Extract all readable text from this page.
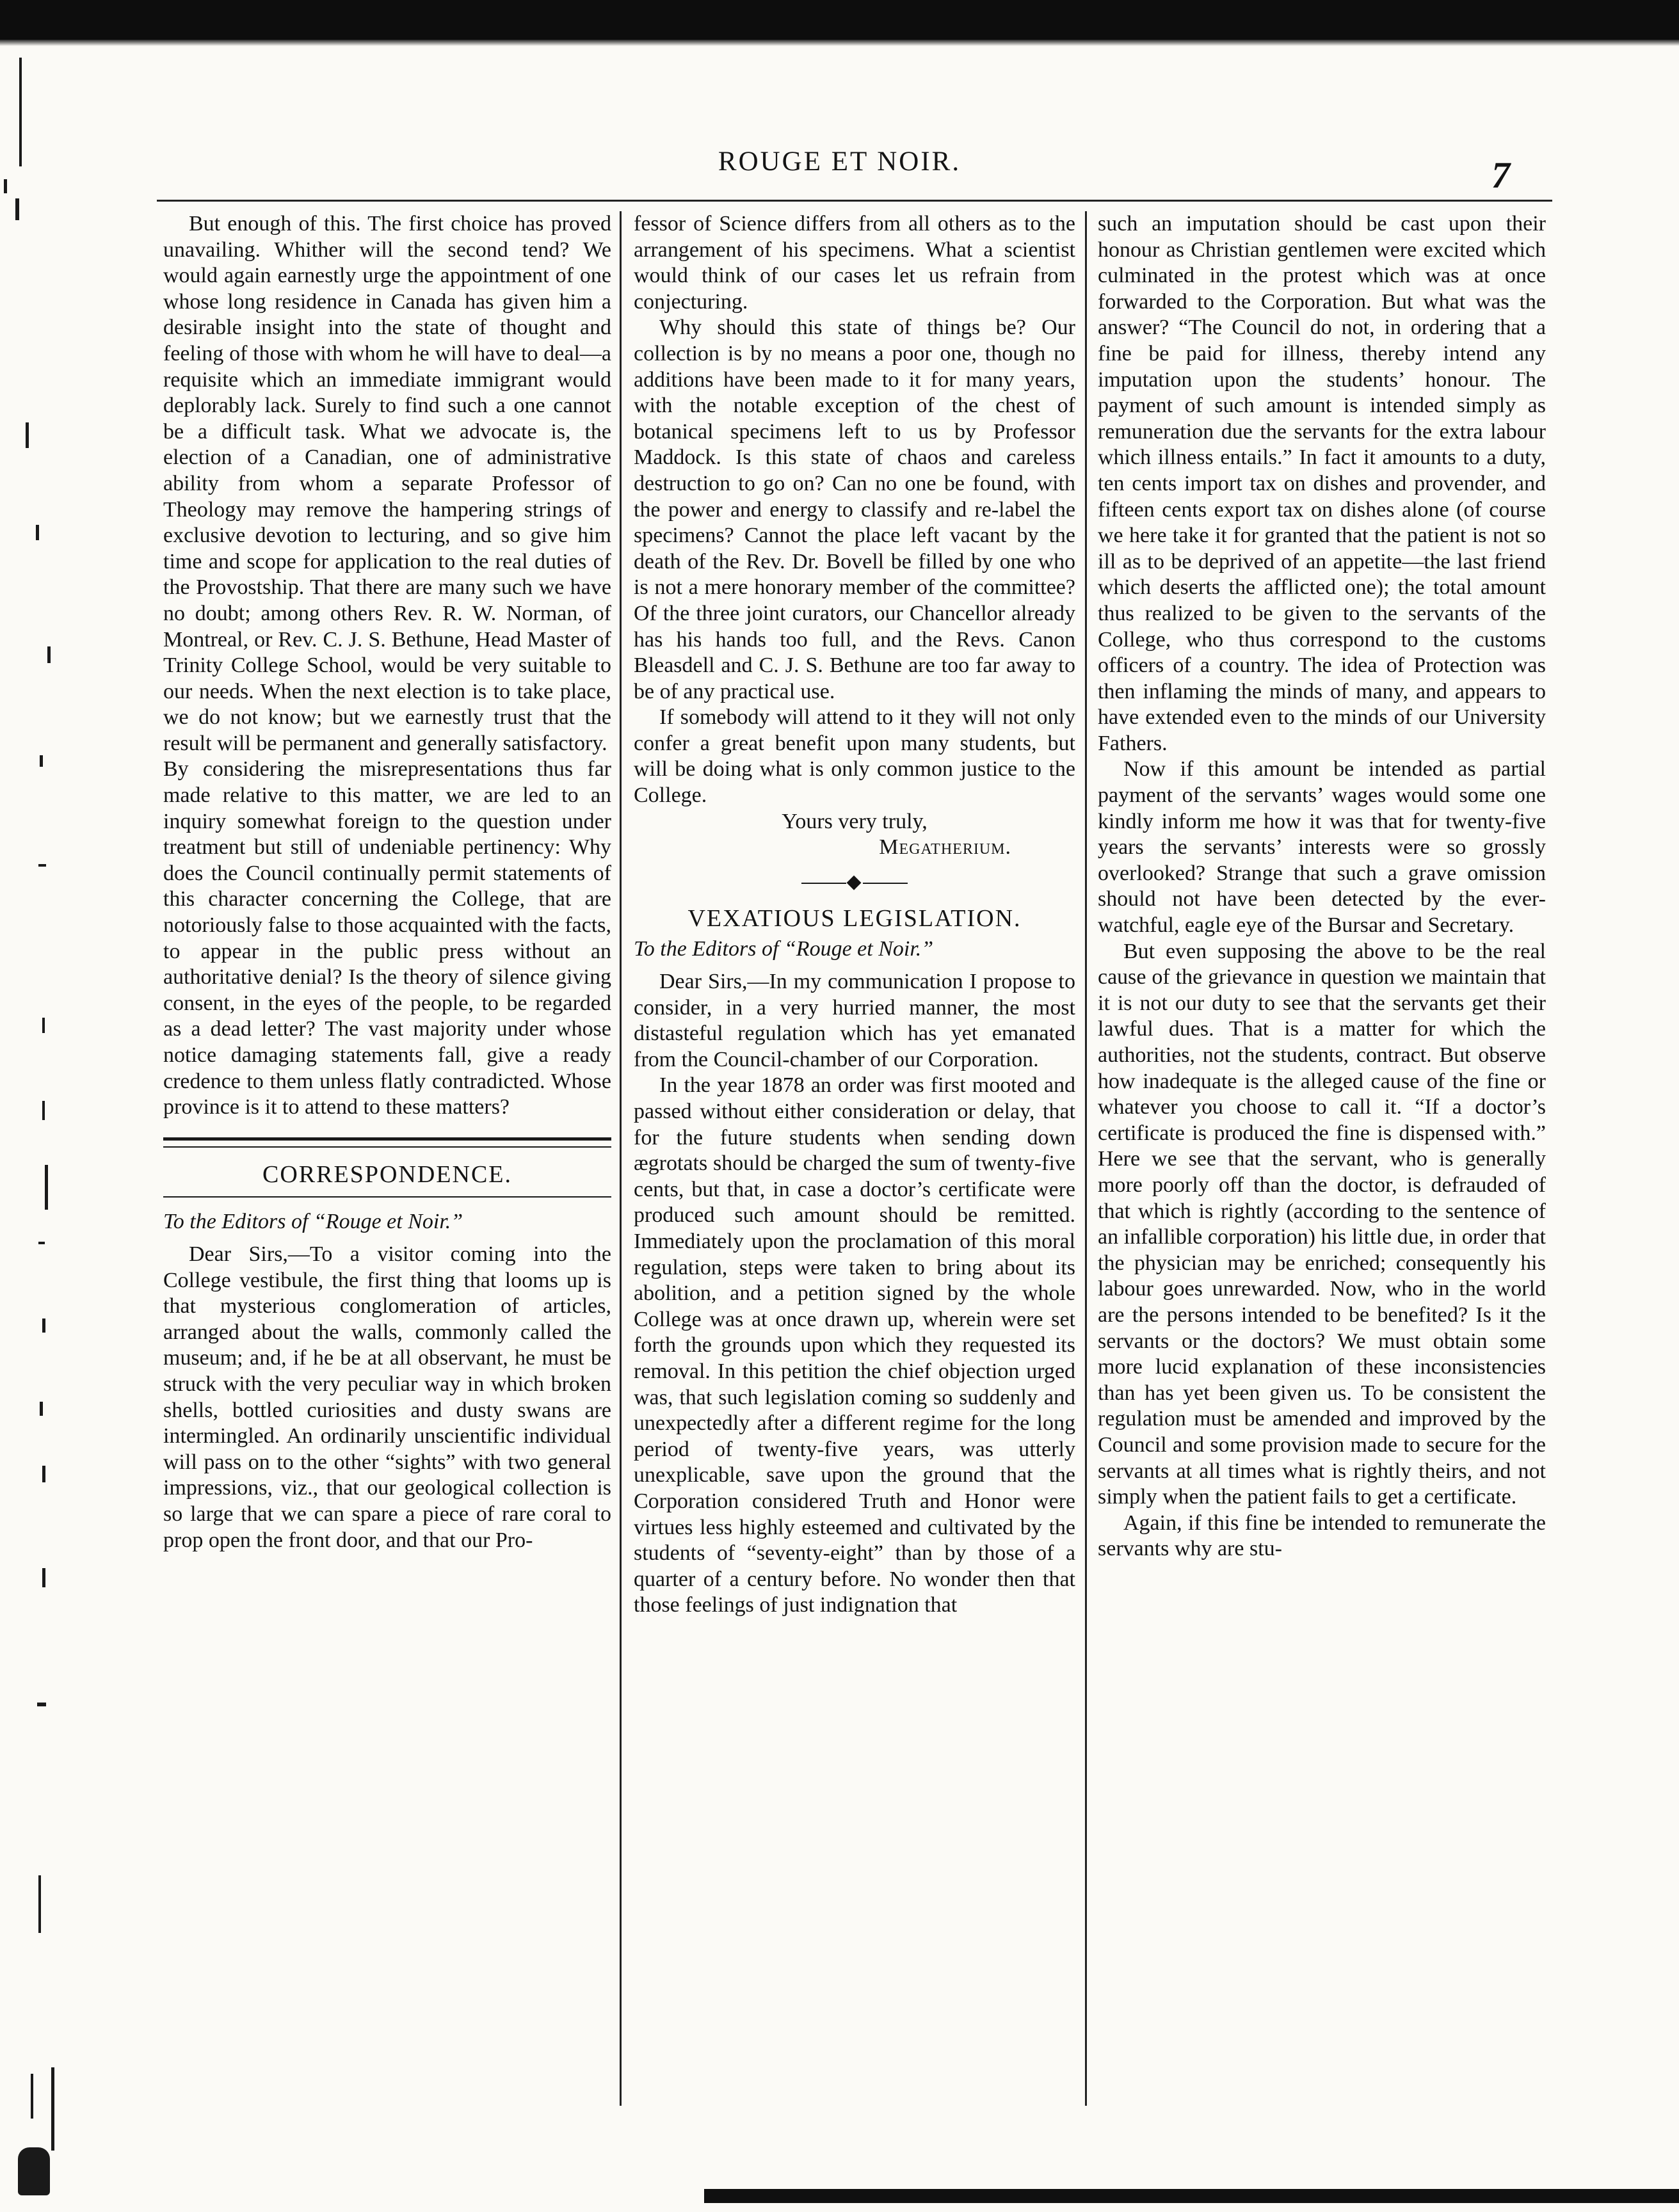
ROUGE ET NOIR.	7

But enough of this. The first choice has proved unavailing. Whither will the second tend? We would again earnestly urge the appointment of one whose long residence in Canada has given him a desirable insight into the state of thought and feeling of those with whom he will have to deal—a requisite which an immediate immigrant would deplorably lack. Surely to find such a one cannot be a difficult task. What we advocate is, the election of a Canadian, one of administrative ability from whom a separate Professor of Theology may remove the hampering strings of exclusive devotion to lecturing, and so give him time and scope for application to the real duties of the Provostship. That there are many such we have no doubt; among others Rev. R. W. Norman, of Montreal, or Rev. C. J. S. Bethune, Head Master of Trinity College School, would be very suitable to our needs. When the next election is to take place, we do not know; but we earnestly trust that the result will be permanent and generally satisfactory.

By considering the misrepresentations thus far made relative to this matter, we are led to an inquiry somewhat foreign to the question under treatment but still of undeniable pertinency: Why does the Council continually permit statements of this character concerning the College, that are notoriously false to those acquainted with the facts, to appear in the public press without an authoritative denial? Is the theory of silence giving consent, in the eyes of the people, to be regarded as a dead letter? The vast majority under whose notice damaging statements fall, give a ready credence to them unless flatly contradicted. Whose province is it to attend to these matters?

CORRESPONDENCE.

To the Editors of “Rouge et Noir.”

Dear Sirs,—To a visitor coming into the College vestibule, the first thing that looms up is that mysterious conglomeration of articles, arranged about the walls, commonly called the museum; and, if he be at all observant, he must be struck with the very peculiar way in which broken shells, bottled curiosities and dusty swans are intermingled. An ordinarily unscientific individual will pass on to the other “sights” with two general impressions, viz., that our geological collection is so large that we can spare a piece of rare coral to prop open the front door, and that our Pro-

fessor of Science differs from all others as to the arrangement of his specimens. What a scientist would think of our cases let us refrain from conjecturing.

Why should this state of things be? Our collection is by no means a poor one, though no additions have been made to it for many years, with the notable exception of the chest of botanical specimens left to us by Professor Maddock. Is this state of chaos and careless destruction to go on? Can no one be found, with the power and energy to classify and re-label the specimens? Cannot the place left vacant by the death of the Rev. Dr. Bovell be filled by one who is not a mere honorary member of the committee? Of the three joint curators, our Chancellor already has his hands too full, and the Revs. Canon Bleasdell and C. J. S. Bethune are too far away to be of any practical use.

If somebody will attend to it they will not only confer a great benefit upon many students, but will be doing what is only common justice to the College.

Yours very truly,

Megatherium.

◆
VEXATIOUS LEGISLATION.

To the Editors of “Rouge et Noir.”

Dear Sirs,—In my communication I propose to consider, in a very hurried manner, the most distasteful regulation which has yet emanated from the Council-chamber of our Corporation.

In the year 1878 an order was first mooted and passed without either consideration or delay, that for the future students when sending down ægrotats should be charged the sum of twenty-five cents, but that, in case a doctor’s certificate were produced such amount should be remitted. Immediately upon the proclamation of this moral regulation, steps were taken to bring about its abolition, and a petition signed by the whole College was at once drawn up, wherein were set forth the grounds upon which they requested its removal. In this petition the chief objection urged was, that such legislation coming so suddenly and unexpectedly after a different regime for the long period of twenty-five years, was utterly unexplicable, save upon the ground that the Corporation considered Truth and Honor were virtues less highly esteemed and cultivated by the students of “seventy-eight” than by those of a quarter of a century before. No wonder then that those feelings of just indignation that

such an imputation should be cast upon their honour as Christian gentlemen were excited which culminated in the protest which was at once forwarded to the Corporation. But what was the answer? “The Council do not, in ordering that a fine be paid for illness, thereby intend any imputation upon the students’ honour. The payment of such amount is intended simply as remuneration due the servants for the extra labour which illness entails.” In fact it amounts to a duty, ten cents import tax on dishes and provender, and fifteen cents export tax on dishes alone (of course we here take it for granted that the patient is not so ill as to be deprived of an appetite—the last friend which deserts the afflicted one); the total amount thus realized to be given to the servants of the College, who thus correspond to the customs officers of a country. The idea of Protection was then inflaming the minds of many, and appears to have extended even to the minds of our University Fathers.

Now if this amount be intended as partial payment of the servants’ wages would some one kindly inform me how it was that for twenty-five years the servants’ interests were so grossly overlooked? Strange that such a grave omission should not have been detected by the ever-watchful, eagle eye of the Bursar and Secretary.

But even supposing the above to be the real cause of the grievance in question we maintain that it is not our duty to see that the servants get their lawful dues. That is a matter for which the authorities, not the students, contract. But observe how inadequate is the alleged cause of the fine or whatever you choose to call it. “If a doctor’s certificate is produced the fine is dispensed with.” Here we see that the servant, who is generally more poorly off than the doctor, is defrauded of that which is rightly (according to the sentence of an infallible corporation) his little due, in order that the physician may be enriched; consequently his labour goes unrewarded. Now, who in the world are the persons intended to be benefited? Is it the servants or the doctors? We must obtain some more lucid explanation of these inconsistencies than has yet been given us. To be consistent the regulation must be amended and improved by the Council and some provision made to secure for the servants at all times what is rightly theirs, and not simply when the patient fails to get a certificate.

Again, if this fine be intended to remunerate the servants why are stu-
